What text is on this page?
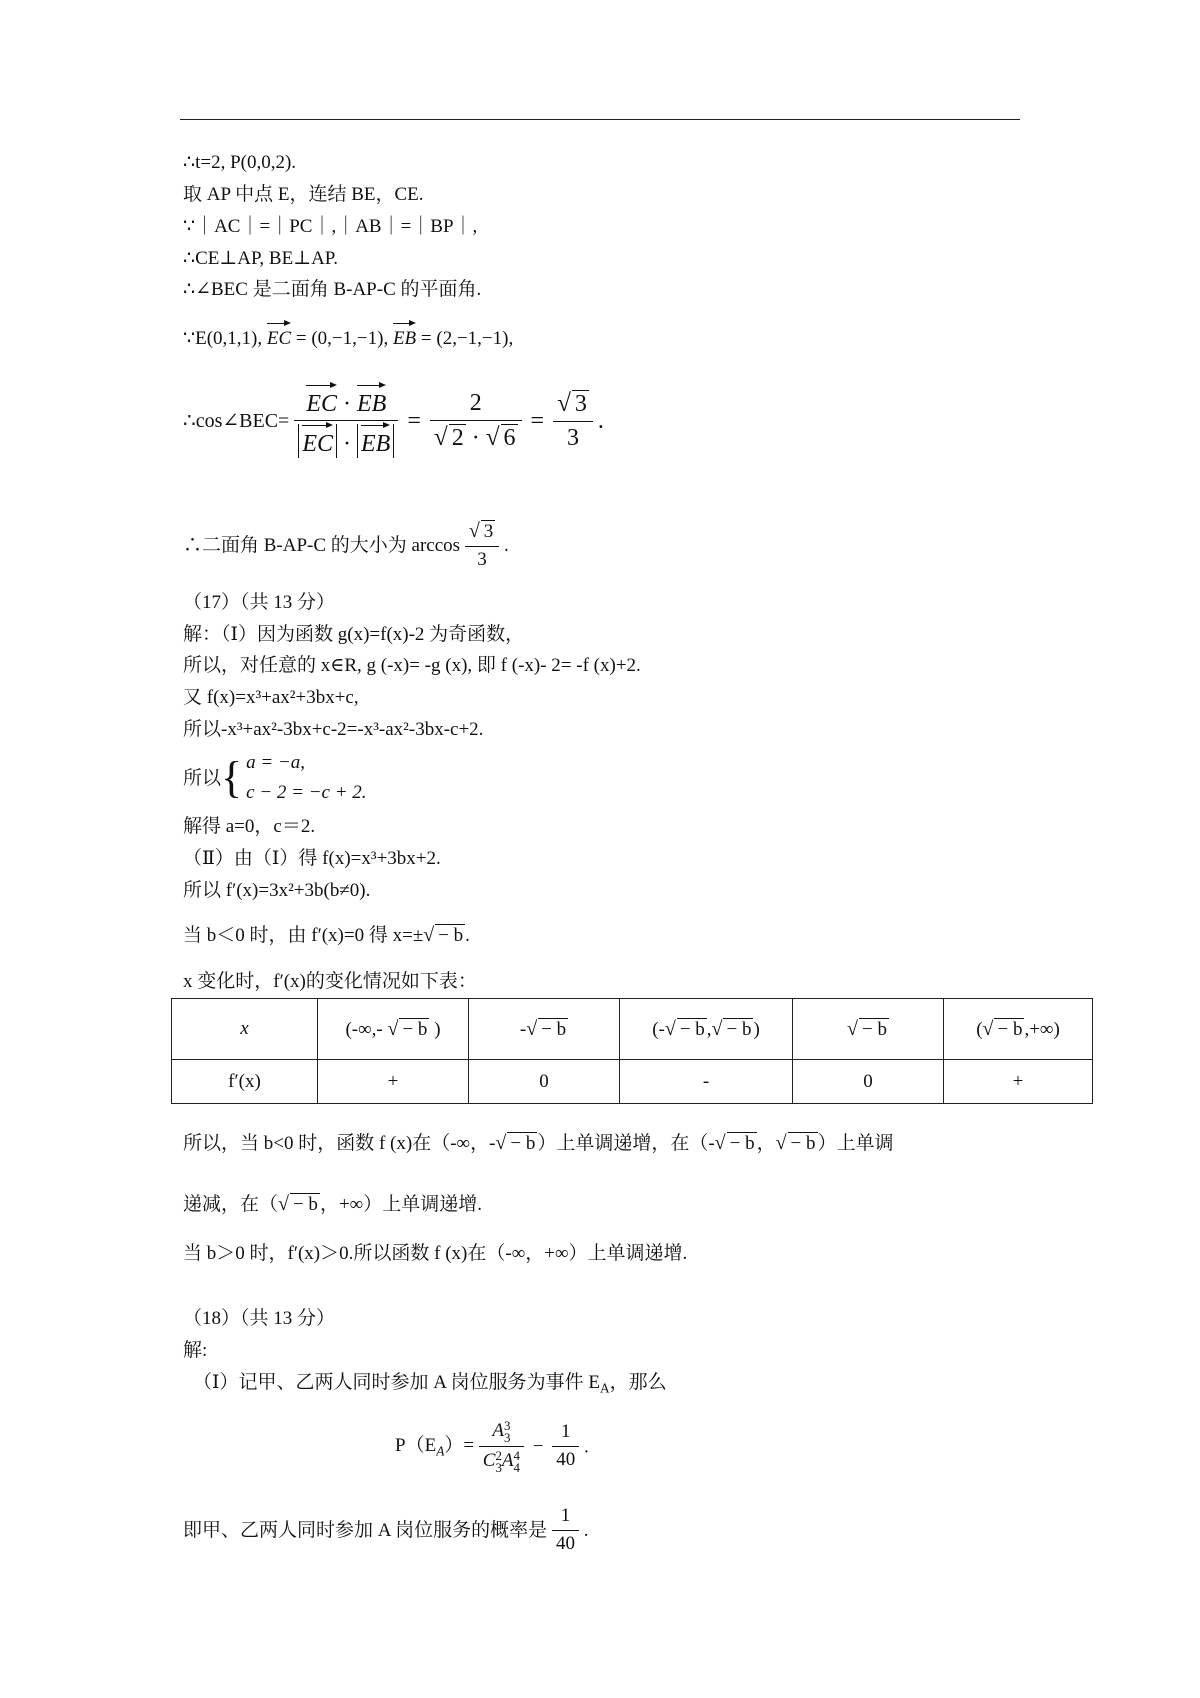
∴t=2, P(0,0,2).
取 AP 中点 E，连结 BE，CE.
∵｜AC｜=｜PC｜,｜AB｜=｜BP｜,
∴CE⊥AP, BE⊥AP.
∴∠BEC 是二面角 B-AP-C 的平面角.
∵E(0,1,1), EC = (0,−1,−1), EB = (2,−1,−1),
∴cos∠BEC= $\frac{EC \cdot EB}{EC \cdot EB} = \frac{2}{√ 2 \cdot √ 6} = \frac{√ 3}{3}$ .
∴二面角 B-AP-C 的大小为 $\arccos \frac{√ 3}{3}$ .
（17）（共 13 分）
解：（Ⅰ）因为函数 g(x)=f(x)-2 为奇函数，
所以，对任意的 x∈R, g (-x)= -g (x), 即 f (-x)- 2= -f (x)+2.
又 f(x)=x³+ax²+3bx+c,
所以-x³+ax²-3bx+c-2=-x³-ax²-3bx-c+2.
所以{ a = −a,
c − 2 = −c + 2.
解得 a=0，c＝2.
（Ⅱ）由（Ⅰ）得 f(x)=x³+3bx+2.
所以 f′(x)=3x²+3b(b≠0).
当 b＜0 时，由 f′(x)=0 得 x=±√ − b .
x 变化时，f′(x)的变化情况如下表：
x	(-∞,- √ − b )	-√ − b	(-√ − b ,√ − b )	√ − b	(√ − b ,+∞)
f′(x)	+	0	-	0	+
所以，当 b<0 时，函数 f (x)在（-∞，-√ − b ）上单调递增，在（-√ − b ，√ − b ）上单调
递减，在（√ − b ，+∞）上单调递增.
当 b＞0 时，f′(x)＞0.所以函数 f (x)在（-∞，+∞）上单调递增.
（18）（共 13 分）
解:
（Ⅰ）记甲、乙两人同时参加 A 岗位服务为事件 $E_A$，那么
$P(E_A)= A$ 3
3
C 2
3 A 4
$4 - \frac{1}{40}$ .
即甲、乙两人同时参加 A 岗位服务的概率是 $\frac{1}{40}$ .
